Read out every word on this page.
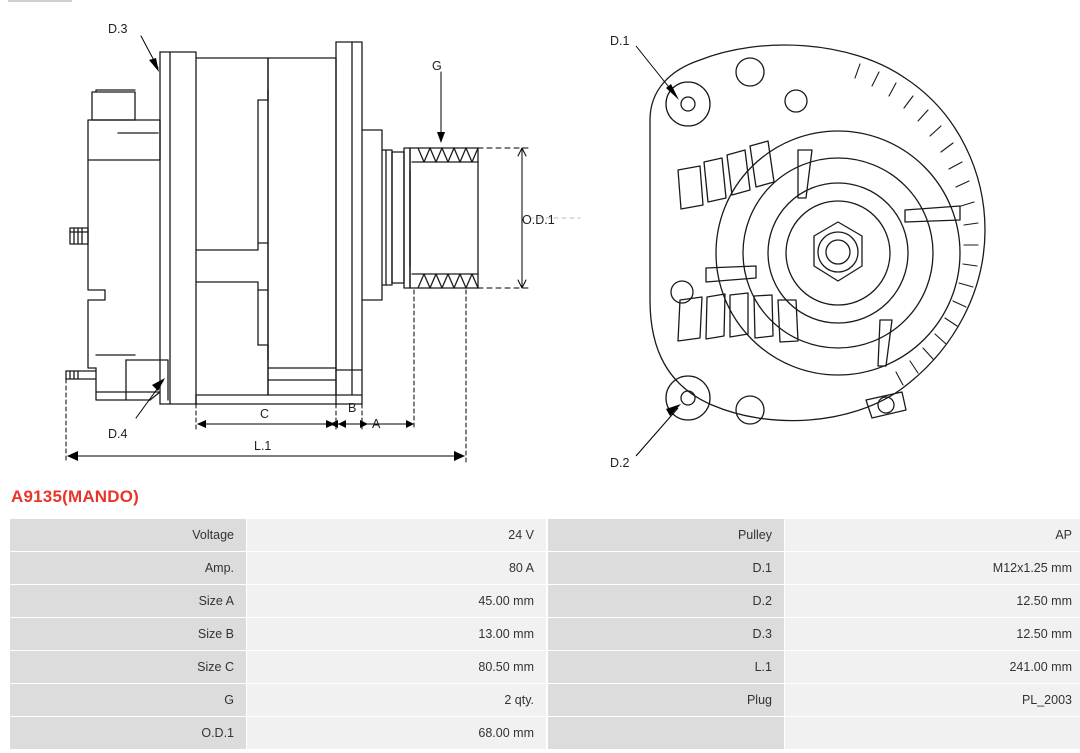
D.3
D.4
G
O.D.1
A
B
C
L.1
D.1
D.2
A9135(MANDO)
Voltage	24 V
Amp.	80 A
Size A	45.00 mm
Size B	13.00 mm
Size C	80.50 mm
G	2 qty.
O.D.1	68.00 mm
Pulley	AP
D.1	M12x1.25 mm
D.2	12.50 mm
D.3	12.50 mm
L.1	241.00 mm
Plug	PL_2003
